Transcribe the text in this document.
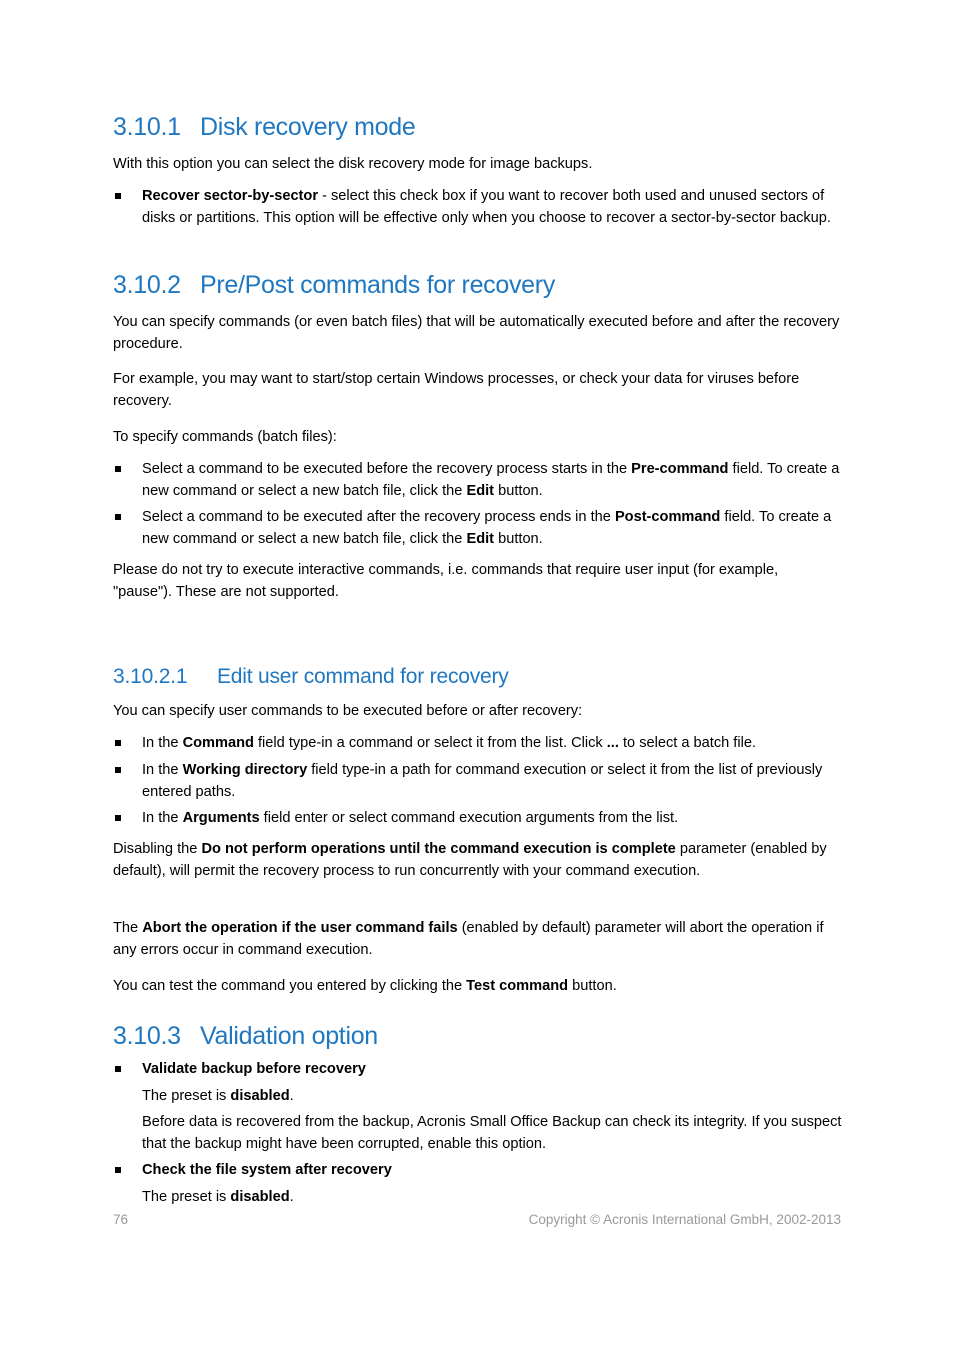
3.10.1 Disk recovery mode

With this option you can select the disk recovery mode for image backups.

Recover sector-by-sector - select this check box if you want to recover both used and unused sectors of disks or partitions. This option will be effective only when you choose to recover a sector-by-sector backup.
3.10.2 Pre/Post commands for recovery

You can specify commands (or even batch files) that will be automatically executed before and after the recovery procedure.

For example, you may want to start/stop certain Windows processes, or check your data for viruses before recovery.

To specify commands (batch files):

Select a command to be executed before the recovery process starts in the Pre-command field. To create a new command or select a new batch file, click the Edit button.
Select a command to be executed after the recovery process ends in the Post-command field. To create a new command or select a new batch file, click the Edit button.

Please do not try to execute interactive commands, i.e. commands that require user input (for example, "pause"). These are not supported.

3.10.2.1 Edit user command for recovery

You can specify user commands to be executed before or after recovery:

In the Command field type-in a command or select it from the list. Click ... to select a batch file.
In the Working directory field type-in a path for command execution or select it from the list of previously entered paths.
In the Arguments field enter or select command execution arguments from the list.

Disabling the Do not perform operations until the command execution is complete parameter (enabled by default), will permit the recovery process to run concurrently with your command execution.

The Abort the operation if the user command fails (enabled by default) parameter will abort the operation if any errors occur in command execution.

You can test the command you entered by clicking the Test command button.

3.10.3 Validation option
Validate backup before recovery

The preset is disabled.

Before data is recovered from the backup, Acronis Small Office Backup can check its integrity. If you suspect that the backup might have been corrupted, enable this option.

Check the file system after recovery

The preset is disabled.

76	Copyright © Acronis International GmbH, 2002-2013
